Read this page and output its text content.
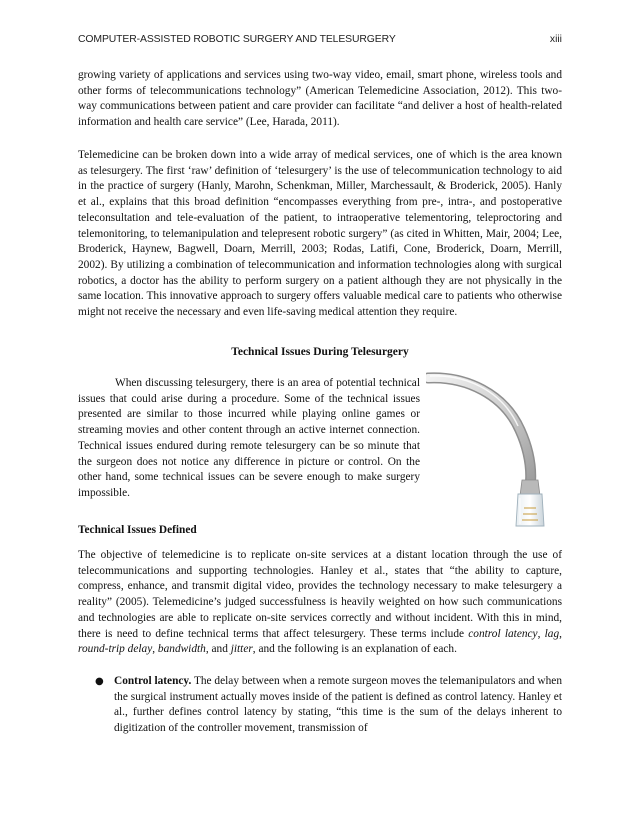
COMPUTER-ASSISTED ROBOTIC SURGERY AND TELESURGERY	xiii

growing variety of applications and services using two-way video, email, smart phone, wireless tools and other forms of telecommunications technology” (American Telemedicine Association, 2012). This two-way communications between patient and care provider can facilitate “and deliver a host of health-related information and health care service” (Lee, Harada, 2011).

Telemedicine can be broken down into a wide array of medical services, one of which is the area known as telesurgery. The first ‘raw’ definition of ‘telesurgery’ is the use of telecommunication technology to aid in the practice of surgery (Hanly, Marohn, Schenkman, Miller, Marchessault, & Broderick, 2005). Hanly et al., explains that this broad definition “encompasses everything from pre-, intra-, and postoperative teleconsultation and tele-evaluation of the patient, to intraoperative telementoring, teleproctoring and telemonitoring, to telemanipulation and telepresent robotic surgery” (as cited in Whitten, Mair, 2004; Lee, Broderick, Haynew, Bagwell, Doarn, Merrill, 2003; Rodas, Latifi, Cone, Broderick, Doarn, Merrill, 2002). By utilizing a combination of telecommunication and information technologies along with surgical robotics, a doctor has the ability to perform surgery on a patient although they are not physically in the same location. This innovative approach to surgery offers valuable medical care to patients who otherwise might not receive the necessary and even life-saving medical attention they require.

Technical Issues During Telesurgery

When discussing telesurgery, there is an area of potential technical issues that could arise during a procedure. Some of the technical issues presented are similar to those incurred while playing online games or streaming movies and other content through an active internet connection. Technical issues endured during remote telesurgery can be so minute that the surgeon does not notice any difference in picture or control. On the other hand, some technical issues can be severe enough to make surgery impossible.

Technical Issues Defined

The objective of telemedicine is to replicate on-site services at a distant location through the use of telecommunications and supporting technologies. Hanley et al., states that “the ability to capture, compress, enhance, and transmit digital video, provides the technology necessary to make telesurgery a reality” (2005). Telemedicine’s judged successfulness is heavily weighted on how such communications and technologies are able to replicate on-site services correctly and without incident. With this in mind, there is need to define technical terms that affect telesurgery. These terms include control latency, lag, round-trip delay, bandwidth, and jitter, and the following is an explanation of each.

● Control latency. The delay between when a remote surgeon moves the telemanipulators and when the surgical instrument actually moves inside of the patient is defined as control latency. Hanley et al., further defines control latency by stating, “this time is the sum of the delays inherent to digitization of the controller movement, transmission of
